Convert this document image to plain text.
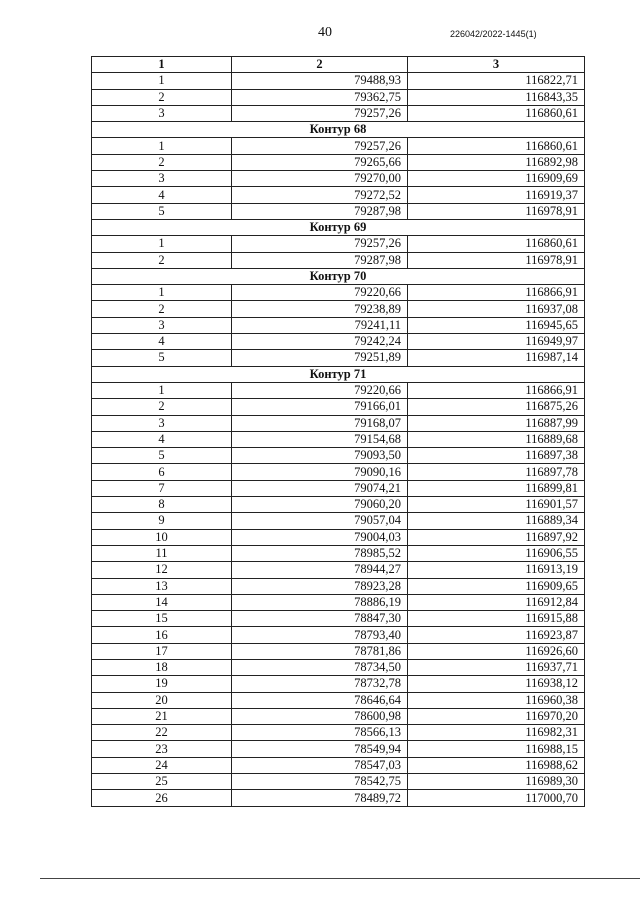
40	226042/2022-1445(1)
1	2	3
1	79488,93	116822,71
2	79362,75	116843,35
3	79257,26	116860,61
Контур 68		
1	79257,26	116860,61
2	79265,66	116892,98
3	79270,00	116909,69
4	79272,52	116919,37
5	79287,98	116978,91
Контур 69		
1	79257,26	116860,61
2	79287,98	116978,91
Контур 70		
1	79220,66	116866,91
2	79238,89	116937,08
3	79241,11	116945,65
4	79242,24	116949,97
5	79251,89	116987,14
Контур 71		
1	79220,66	116866,91
2	79166,01	116875,26
3	79168,07	116887,99
4	79154,68	116889,68
5	79093,50	116897,38
6	79090,16	116897,78
7	79074,21	116899,81
8	79060,20	116901,57
9	79057,04	116889,34
10	79004,03	116897,92
11	78985,52	116906,55
12	78944,27	116913,19
13	78923,28	116909,65
14	78886,19	116912,84
15	78847,30	116915,88
16	78793,40	116923,87
17	78781,86	116926,60
18	78734,50	116937,71
19	78732,78	116938,12
20	78646,64	116960,38
21	78600,98	116970,20
22	78566,13	116982,31
23	78549,94	116988,15
24	78547,03	116988,62
25	78542,75	116989,30
26	78489,72	117000,70
